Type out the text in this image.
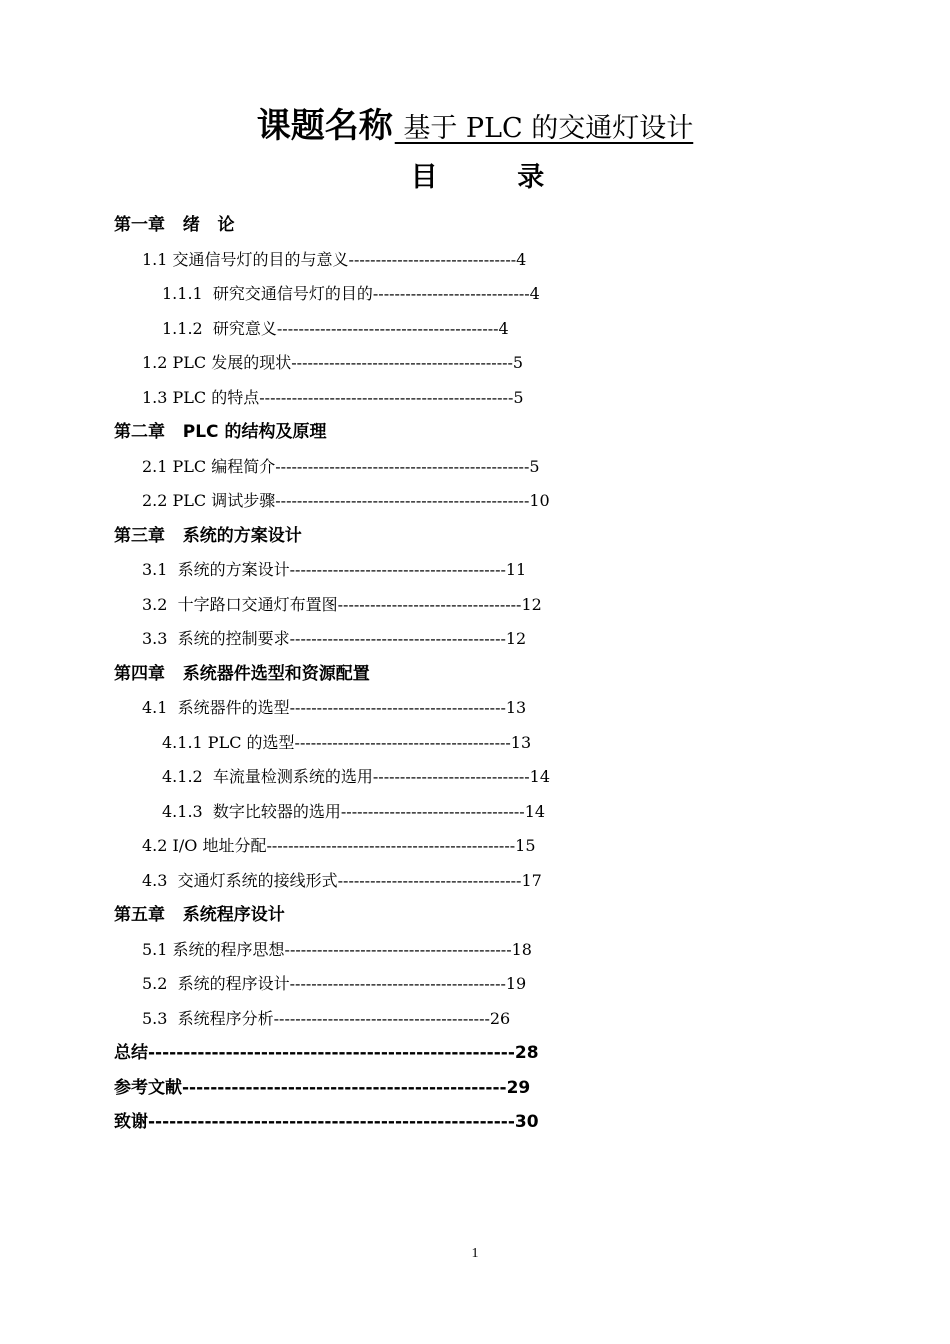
课题名称 基于 PLC 的交通灯设计
目 录
第一章   绪   论
1.1 交通信号灯的目的与意义-------------------------------4
1.1.1  研究交通信号灯的目的-----------------------------4
1.1.2  研究意义-----------------------------------------4
1.2 PLC 发展的现状-----------------------------------------5
1.3 PLC 的特点-----------------------------------------------5
第二章   PLC 的结构及原理
2.1 PLC 编程简介-----------------------------------------------5
2.2 PLC 调试步骤-----------------------------------------------10
第三章   系统的方案设计
3.1  系统的方案设计----------------------------------------11
3.2  十字路口交通灯布置图----------------------------------12
3.3  系统的控制要求----------------------------------------12
第四章   系统器件选型和资源配置
4.1  系统器件的选型----------------------------------------13
4.1.1 PLC 的选型----------------------------------------13
4.1.2  车流量检测系统的选用-----------------------------14
4.1.3  数字比较器的选用----------------------------------14
4.2 I/O 地址分配----------------------------------------------15
4.3  交通灯系统的接线形式----------------------------------17
第五章   系统程序设计
5.1 系统的程序思想------------------------------------------18
5.2  系统的程序设计----------------------------------------19
5.3  系统程序分析----------------------------------------26
总结----------------------------------------------------28
参考文献----------------------------------------------29
致谢----------------------------------------------------30
1
